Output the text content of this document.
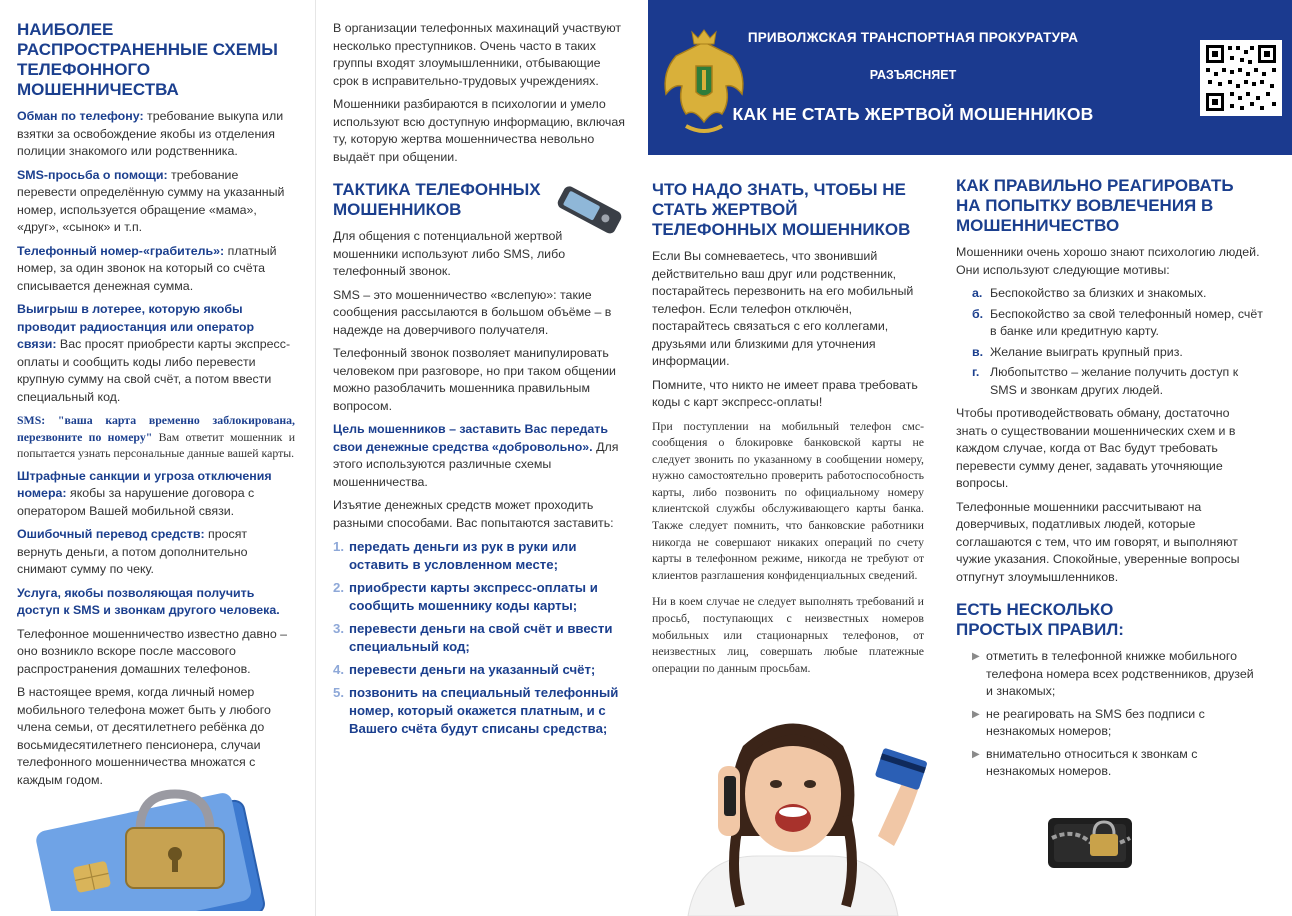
НАИБОЛЕЕ РАСПРОСТРАНЕННЫЕ СХЕМЫ ТЕЛЕФОННОГО МОШЕННИЧЕСТВА

Обман по телефону: требование выкупа или взятки за освобождение якобы из отделения полиции знакомого или родственника.

SMS-просьба о помощи: требование перевести определённую сумму на указанный номер, используется обращение «мама», «друг», «сынок» и т.п.

Телефонный номер-«грабитель»: платный номер, за один звонок на который со счёта списывается денежная сумма.

Выигрыш в лотерее, которую якобы проводит радиостанция или оператор связи: Вас просят приобрести карты экспресс-оплаты и сообщить коды либо перевести крупную сумму на свой счёт, а потом ввести специальный код.

SMS: "ваша карта временно заблокирована, перезвоните по номеру" Вам ответит мошенник и попытается узнать персональные данные вашей карты.

Штрафные санкции и угроза отключения номера: якобы за нарушение договора с оператором Вашей мобильной связи.

Ошибочный перевод средств: просят вернуть деньги, а потом дополнительно снимают сумму по чеку.

Услуга, якобы позволяющая получить доступ к SMS и звонкам другого человека.

Телефонное мошенничество известно давно – оно возникло вскоре после массового распространения домашних телефонов.

В настоящее время, когда личный номер мобильного телефона может быть у любого члена семьи, от десятилетнего ребёнка до восьмидесятилетнего пенсионера, случаи телефонного мошенничества множатся с каждым годом.

В организации телефонных махинаций участвуют несколько преступников. Очень часто в таких группы входят злоумышленники, отбывающие срок в исправительно-трудовых учреждениях.

Мошенники разбираются в психологии и умело используют всю доступную информацию, включая ту, которую жертва мошенничества невольно выдаёт при общении.

ТАКТИКА ТЕЛЕФОННЫХ МОШЕННИКОВ

Для общения с потенциальной жертвой мошенники используют либо SMS, либо телефонный звонок.

SMS – это мошенничество «вслепую»: такие сообщения рассылаются в большом объёме – в надежде на доверчивого получателя.

Телефонный звонок позволяет манипулировать человеком при разговоре, но при таком общении можно разоблачить мошенника правильным вопросом.

Цель мошенников – заставить Вас передать свои денежные средства «добровольно». Для этого используются различные схемы мошенничества.

Изъятие денежных средств может проходить разными способами. Вас попытаются заставить:

1. передать деньги из рук в руки или оставить в условленном месте;
2. приобрести карты экспресс-оплаты и сообщить мошеннику коды карты;
3. перевести деньги на свой счёт и ввести специальный код;
4. перевести деньги на указанный счёт;
5. позвонить на специальный телефонный номер, который окажется платным, и с Вашего счёта будут списаны средства;
ПРИВОЛЖСКАЯ ТРАНСПОРТНАЯ ПРОКУРАТУРА
РАЗЪЯСНЯЕТ
КАК НЕ СТАТЬ ЖЕРТВОЙ МОШЕННИКОВ
ЧТО НАДО ЗНАТЬ, ЧТОБЫ НЕ СТАТЬ ЖЕРТВОЙ ТЕЛЕФОННЫХ МОШЕННИКОВ

Если Вы сомневаетесь, что звонивший действительно ваш друг или родственник, постарайтесь перезвонить на его мобильный телефон. Если телефон отключён, постарайтесь связаться с его коллегами, друзьями или близкими для уточнения информации.

Помните, что никто не имеет права требовать коды с карт экспресс-оплаты!

При поступлении на мобильный телефон смс-сообщения о блокировке банковской карты не следует звонить по указанному в сообщении номеру, нужно самостоятельно проверить работоспособность карты, либо позвонить по официальному номеру клиентской службы обслуживающего карты банка. Также следует помнить, что банковские работники никогда не совершают никаких операций по счету карты в телефонном режиме, никогда не требуют от клиентов разглашения конфиденциальных сведений.

Ни в коем случае не следует выполнять требований и просьб, поступающих с неизвестных номеров мобильных или стационарных телефонов, от неизвестных лиц, совершать любые платежные операции по данным просьбам.

КАК ПРАВИЛЬНО РЕАГИРОВАТЬ НА ПОПЫТКУ ВОВЛЕЧЕНИЯ В МОШЕННИЧЕСТВО

Мошенники очень хорошо знают психологию людей. Они используют следующие мотивы:

а. Беспокойство за близких и знакомых.
б. Беспокойство за свой телефонный номер, счёт в банке или кредитную карту.
в. Желание выиграть крупный приз.
г. Любопытство – желание получить доступ к SMS и звонкам других людей.

Чтобы противодействовать обману, достаточно знать о существовании мошеннических схем и в каждом случае, когда от Вас будут требовать перевести сумму денег, задавать уточняющие вопросы.

Телефонные мошенники рассчитывают на доверчивых, податливых людей, которые соглашаются с тем, что им говорят, и выполняют чужие указания. Спокойные, уверенные вопросы отпугнут злоумышленников.

ЕСТЬ НЕСКОЛЬКО ПРОСТЫХ ПРАВИЛ:
▶ отметить в телефонной книжке мобильного телефона номера всех родственников, друзей и знакомых;
▶ не реагировать на SMS без подписи с незнакомых номеров;
▶ внимательно относиться к звонкам с незнакомых номеров.
